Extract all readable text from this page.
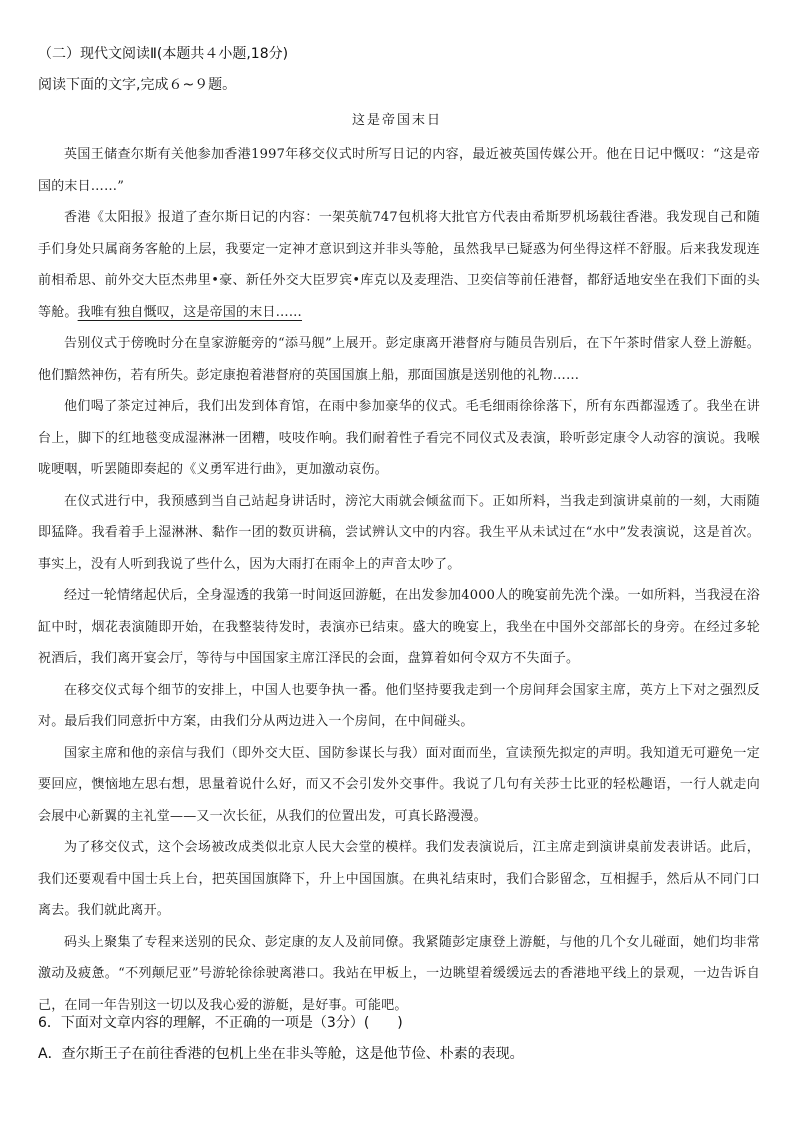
（二）现代文阅读Ⅱ(本题共４小题,18分)
阅读下面的文字,完成６~９题。
这是帝国末日

英国王储查尔斯有关他参加香港1997年移交仪式时所写日记的内容，最近被英国传媒公开。他在日记中慨叹：“这是帝国的末日……”

香港《太阳报》报道了查尔斯日记的内容：一架英航747包机将大批官方代表由希斯罗机场载往香港。我发现自己和随手们身处只属商务客舱的上层，我要定一定神才意识到这并非头等舱，虽然我早已疑惑为何坐得这样不舒服。后来我发现连前相希思、前外交大臣杰弗里•豪、新任外交大臣罗宾•库克以及麦理浩、卫奕信等前任港督，都舒适地安坐在我们下面的头等舱。我唯有独自慨叹，这是帝国的末日……

告别仪式于傍晚时分在皇家游艇旁的“添马舰”上展开。彭定康离开港督府与随员告别后，在下午茶时借家人登上游艇。他们黯然神伤，若有所失。彭定康抱着港督府的英国国旗上船，那面国旗是送别他的礼物……

他们喝了茶定过神后，我们出发到体育馆，在雨中参加豪华的仪式。毛毛细雨徐徐落下，所有东西都湿透了。我坐在讲台上，脚下的红地毯变成湿淋淋一团糟，吱吱作响。我们耐着性子看完不同仪式及表演，聆听彭定康令人动容的演说。我喉咙哽咽，听罢随即奏起的《义勇军进行曲》，更加激动哀伤。

在仪式进行中，我预感到当自己站起身讲话时，滂沱大雨就会倾盆而下。正如所料，当我走到演讲桌前的一刻，大雨随即猛降。我看着手上湿淋淋、黏作一团的数页讲稿，尝试辨认文中的内容。我生平从未试过在“水中”发表演说，这是首次。事实上，没有人听到我说了些什么，因为大雨打在雨伞上的声音太吵了。

经过一轮情绪起伏后，全身湿透的我第一时间返回游艇，在出发参加4000人的晚宴前先洗个澡。一如所料，当我浸在浴缸中时，烟花表演随即开始，在我整装待发时，表演亦已结束。盛大的晚宴上，我坐在中国外交部部长的身旁。在经过多轮祝酒后，我们离开宴会厅，等待与中国国家主席江泽民的会面，盘算着如何令双方不失面子。

在移交仪式每个细节的安排上，中国人也要争执一番。他们坚持要我走到一个房间拜会国家主席，英方上下对之强烈反对。最后我们同意折中方案，由我们分从两边进入一个房间，在中间碰头。

国家主席和他的亲信与我们（即外交大臣、国防参谋长与我）面对面而坐，宣读预先拟定的声明。我知道无可避免一定要回应，懊恼地左思右想，思量着说什么好，而又不会引发外交事件。我说了几句有关莎士比亚的轻松趣语，一行人就走向会展中心新翼的主礼堂——又一次长征，从我们的位置出发，可真长路漫漫。

为了移交仪式，这个会场被改成类似北京人民大会堂的模样。我们发表演说后，江主席走到演讲桌前发表讲话。此后，我们还要观看中国士兵上台，把英国国旗降下，升上中国国旗。在典礼结束时，我们合影留念，互相握手，然后从不同门口离去。我们就此离开。

码头上聚集了专程来送别的民众、彭定康的友人及前同僚。我紧随彭定康登上游艇，与他的几个女儿碰面，她们均非常激动及疲惫。“不列颠尼亚”号游轮徐徐驶离港口。我站在甲板上，一边眺望着缓缓远去的香港地平线上的景观，一边告诉自己，在同一年告别这一切以及我心爱的游艇，是好事。可能吧。

6．下面对文章内容的理解，不正确的一项是（3分）(　　)
A．查尔斯王子在前往香港的包机上坐在非头等舱，这是他节俭、朴素的表现。
